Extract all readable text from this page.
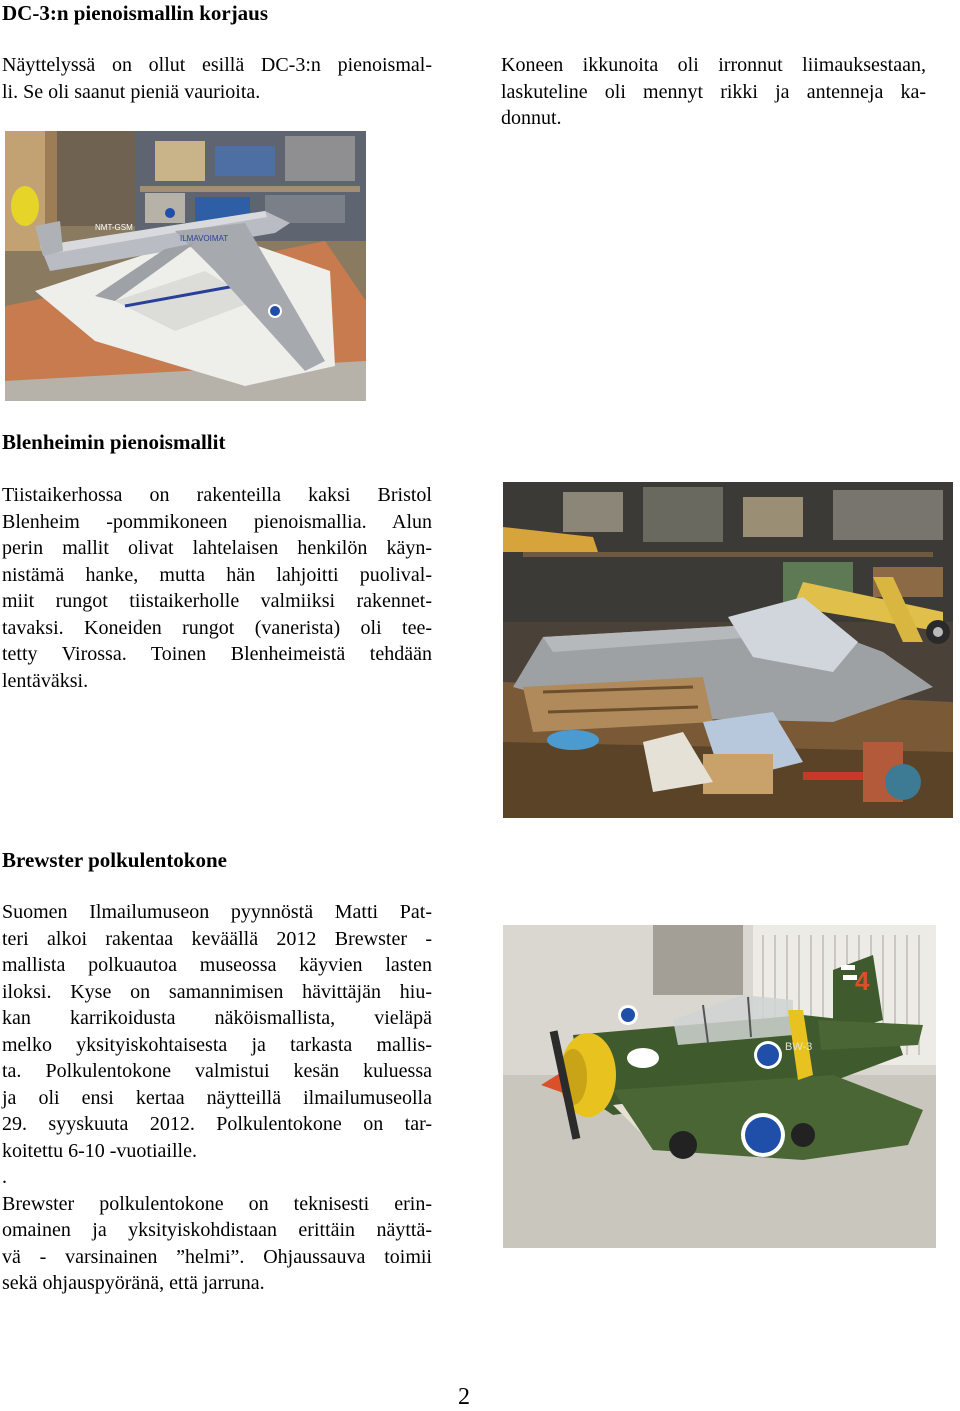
DC-3:n pienoismallin korjaus

Näyttelyssä on ollut esillä DC-3:n pienoismal-
li. Se oli saanut pieniä vaurioita.

Koneen ikkunoita oli irronnut liimauksestaan,
laskuteline oli mennyt rikki ja antenneja ka-
donnut.

NMT-GSM
ILMAVOIMAT
Blenheimin pienoismallit

Tiistaikerhossa on rakenteilla kaksi Bristol
Blenheim -pommikoneen pienoismallia. Alun
perin mallit olivat lahtelaisen henkilön käyn-
nistämä hanke, mutta hän lahjoitti puolival-
miit rungot tiistaikerholle valmiiksi rakennet-
tavaksi. Koneiden rungot (vanerista) oli tee-
tetty Virossa. Toinen Blenheimeistä tehdään
lentäväksi.

Brewster polkulentokone

Suomen Ilmailumuseon pyynnöstä Matti Pat-
teri alkoi rakentaa keväällä 2012 Brewster -
mallista polkuautoa museossa käyvien lasten
iloksi. Kyse on samannimisen hävittäjän hiu-
kan karrikoidusta näköismallista, vieläpä
melko yksityiskohtaisesta ja tarkasta mallis-
ta. Polkulentokone valmistui kesän kuluessa
ja oli ensi kertaa näytteillä ilmailumuseolla
29. syyskuuta 2012. Polkulentokone on tar-
koitettu 6-10 -vuotiaille.
.
Brewster polkulentokone on teknisesti erin-
omainen ja yksityiskohdistaan erittäin näyttä-
vä - varsinainen ”helmi”. Ohjaussauva toimii
sekä ohjauspyöränä, että jarruna.

4
BW-3
2
